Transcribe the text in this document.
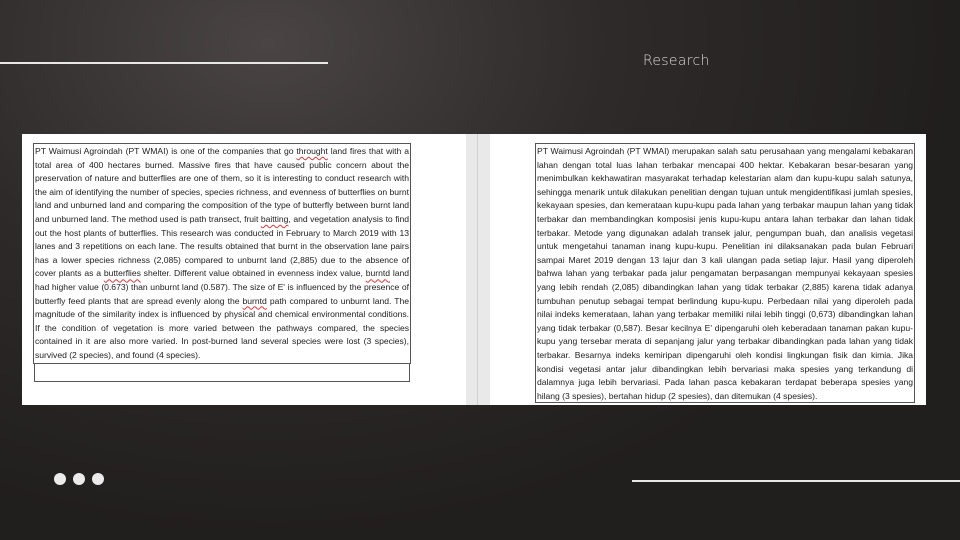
Research
PT Waimusi Agroindah (PT WMAI) is one of the companies that go throught land fires that with a total area of 400 hectares burned. Massive fires that have caused public concern about the preservation of nature and butterflies are one of them, so it is interesting to conduct research with the aim of identifying the number of species, species richness, and evenness of butterflies on burnt land and unburned land and comparing the composition of the type of butterfly between burnt land and unburned land. The method used is path transect, fruit baitting, and vegetation analysis to find out the host plants of butterflies. This research was conducted in February to March 2019 with 13 lanes and 3 repetitions on each lane. The results obtained that burnt in the observation lane pairs has a lower species richness (2,085) compared to unburnt land (2,885) due to the absence of cover plants as a butterflies shelter. Different value obtained in evenness index value, burntd land had higher value (0.673) than unburnt land (0.587). The size of E' is influenced by the presence of butterfly feed plants that are spread evenly along the burntd path compared to unburnt land. The magnitude of the similarity index is influenced by physical and chemical environmental conditions. If the condition of vegetation is more varied between the pathways compared, the species contained in it are also more varied. In post-burned land several species were lost (3 species), survived (2 species), and found (4 species).
PT Waimusi Agroindah (PT WMAI) merupakan salah satu perusahaan yang mengalami kebakaran lahan dengan total luas lahan terbakar mencapai 400 hektar. Kebakaran besar-besaran yang menimbulkan kekhawatiran masyarakat terhadap kelestarian alam dan kupu-kupu salah satunya, sehingga menarik untuk dilakukan penelitian dengan tujuan untuk mengidentifikasi jumlah spesies, kekayaan spesies, dan kemerataan kupu-kupu pada lahan yang terbakar maupun lahan yang tidak terbakar dan membandingkan komposisi jenis kupu-kupu antara lahan terbakar dan lahan tidak terbakar. Metode yang digunakan adalah transek jalur, pengumpan buah, dan analisis vegetasi untuk mengetahui tanaman inang kupu-kupu. Penelitian ini dilaksanakan pada bulan Februari sampai Maret 2019 dengan 13 lajur dan 3 kali ulangan pada setiap lajur. Hasil yang diperoleh bahwa lahan yang terbakar pada jalur pengamatan berpasangan mempunyai kekayaan spesies yang lebih rendah (2,085) dibandingkan lahan yang tidak terbakar (2,885) karena tidak adanya tumbuhan penutup sebagai tempat berlindung kupu-kupu. Perbedaan nilai yang diperoleh pada nilai indeks kemerataan, lahan yang terbakar memiliki nilai lebih tinggi (0,673) dibandingkan lahan yang tidak terbakar (0,587). Besar kecilnya E' dipengaruhi oleh keberadaan tanaman pakan kupu-kupu yang tersebar merata di sepanjang jalur yang terbakar dibandingkan pada lahan yang tidak terbakar. Besarnya indeks kemiripan dipengaruhi oleh kondisi lingkungan fisik dan kimia. Jika kondisi vegetasi antar jalur dibandingkan lebih bervariasi maka spesies yang terkandung di dalamnya juga lebih bervariasi. Pada lahan pasca kebakaran terdapat beberapa spesies yang hilang (3 spesies), bertahan hidup (2 spesies), dan ditemukan (4 spesies).
